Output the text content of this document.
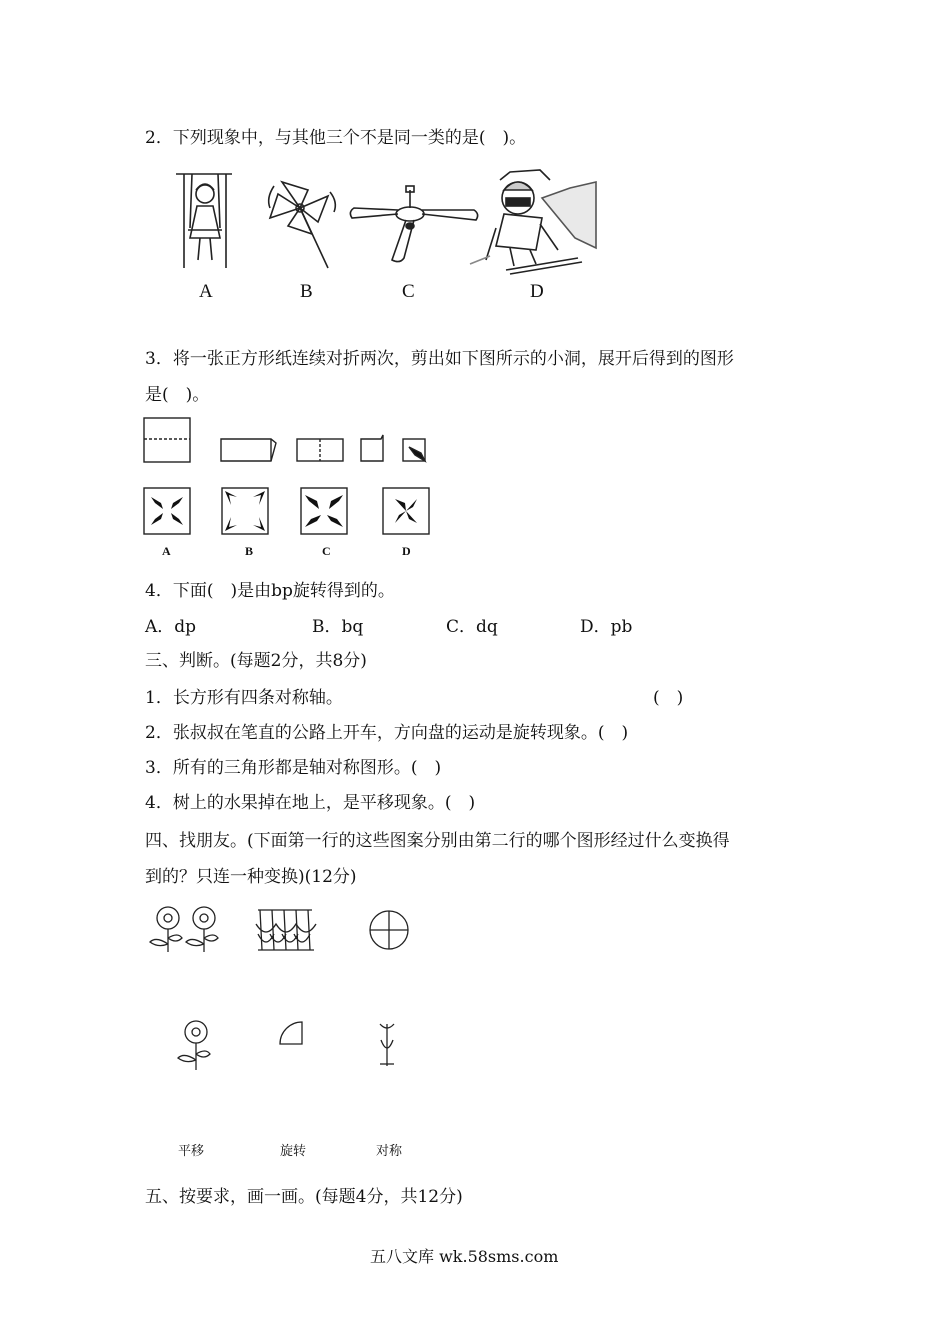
2．下列现象中，与其他三个不是同一类的是(　)。
A	B	C	D
3．将一张正方形纸连续对折两次，剪出如下图所示的小洞，展开后得到的图形
是(　)。
A	B	C	D
4．下面(　)是由bp旋转得到的。
A．dp	B．bq	C．dq	D．pb
三、判断。(每题2分，共8分)
1．长方形有四条对称轴。	(　)
2．张叔叔在笔直的公路上开车，方向盘的运动是旋转现象。(　)
3．所有的三角形都是轴对称图形。(　)
4．树上的水果掉在地上，是平移现象。(　)
四、找朋友。(下面第一行的这些图案分别由第二行的哪个图形经过什么变换得
到的？只连一种变换)(12分)
平移	旋转	对称
五、按要求，画一画。(每题4分，共12分)
五八文库 wk.58sms.com
